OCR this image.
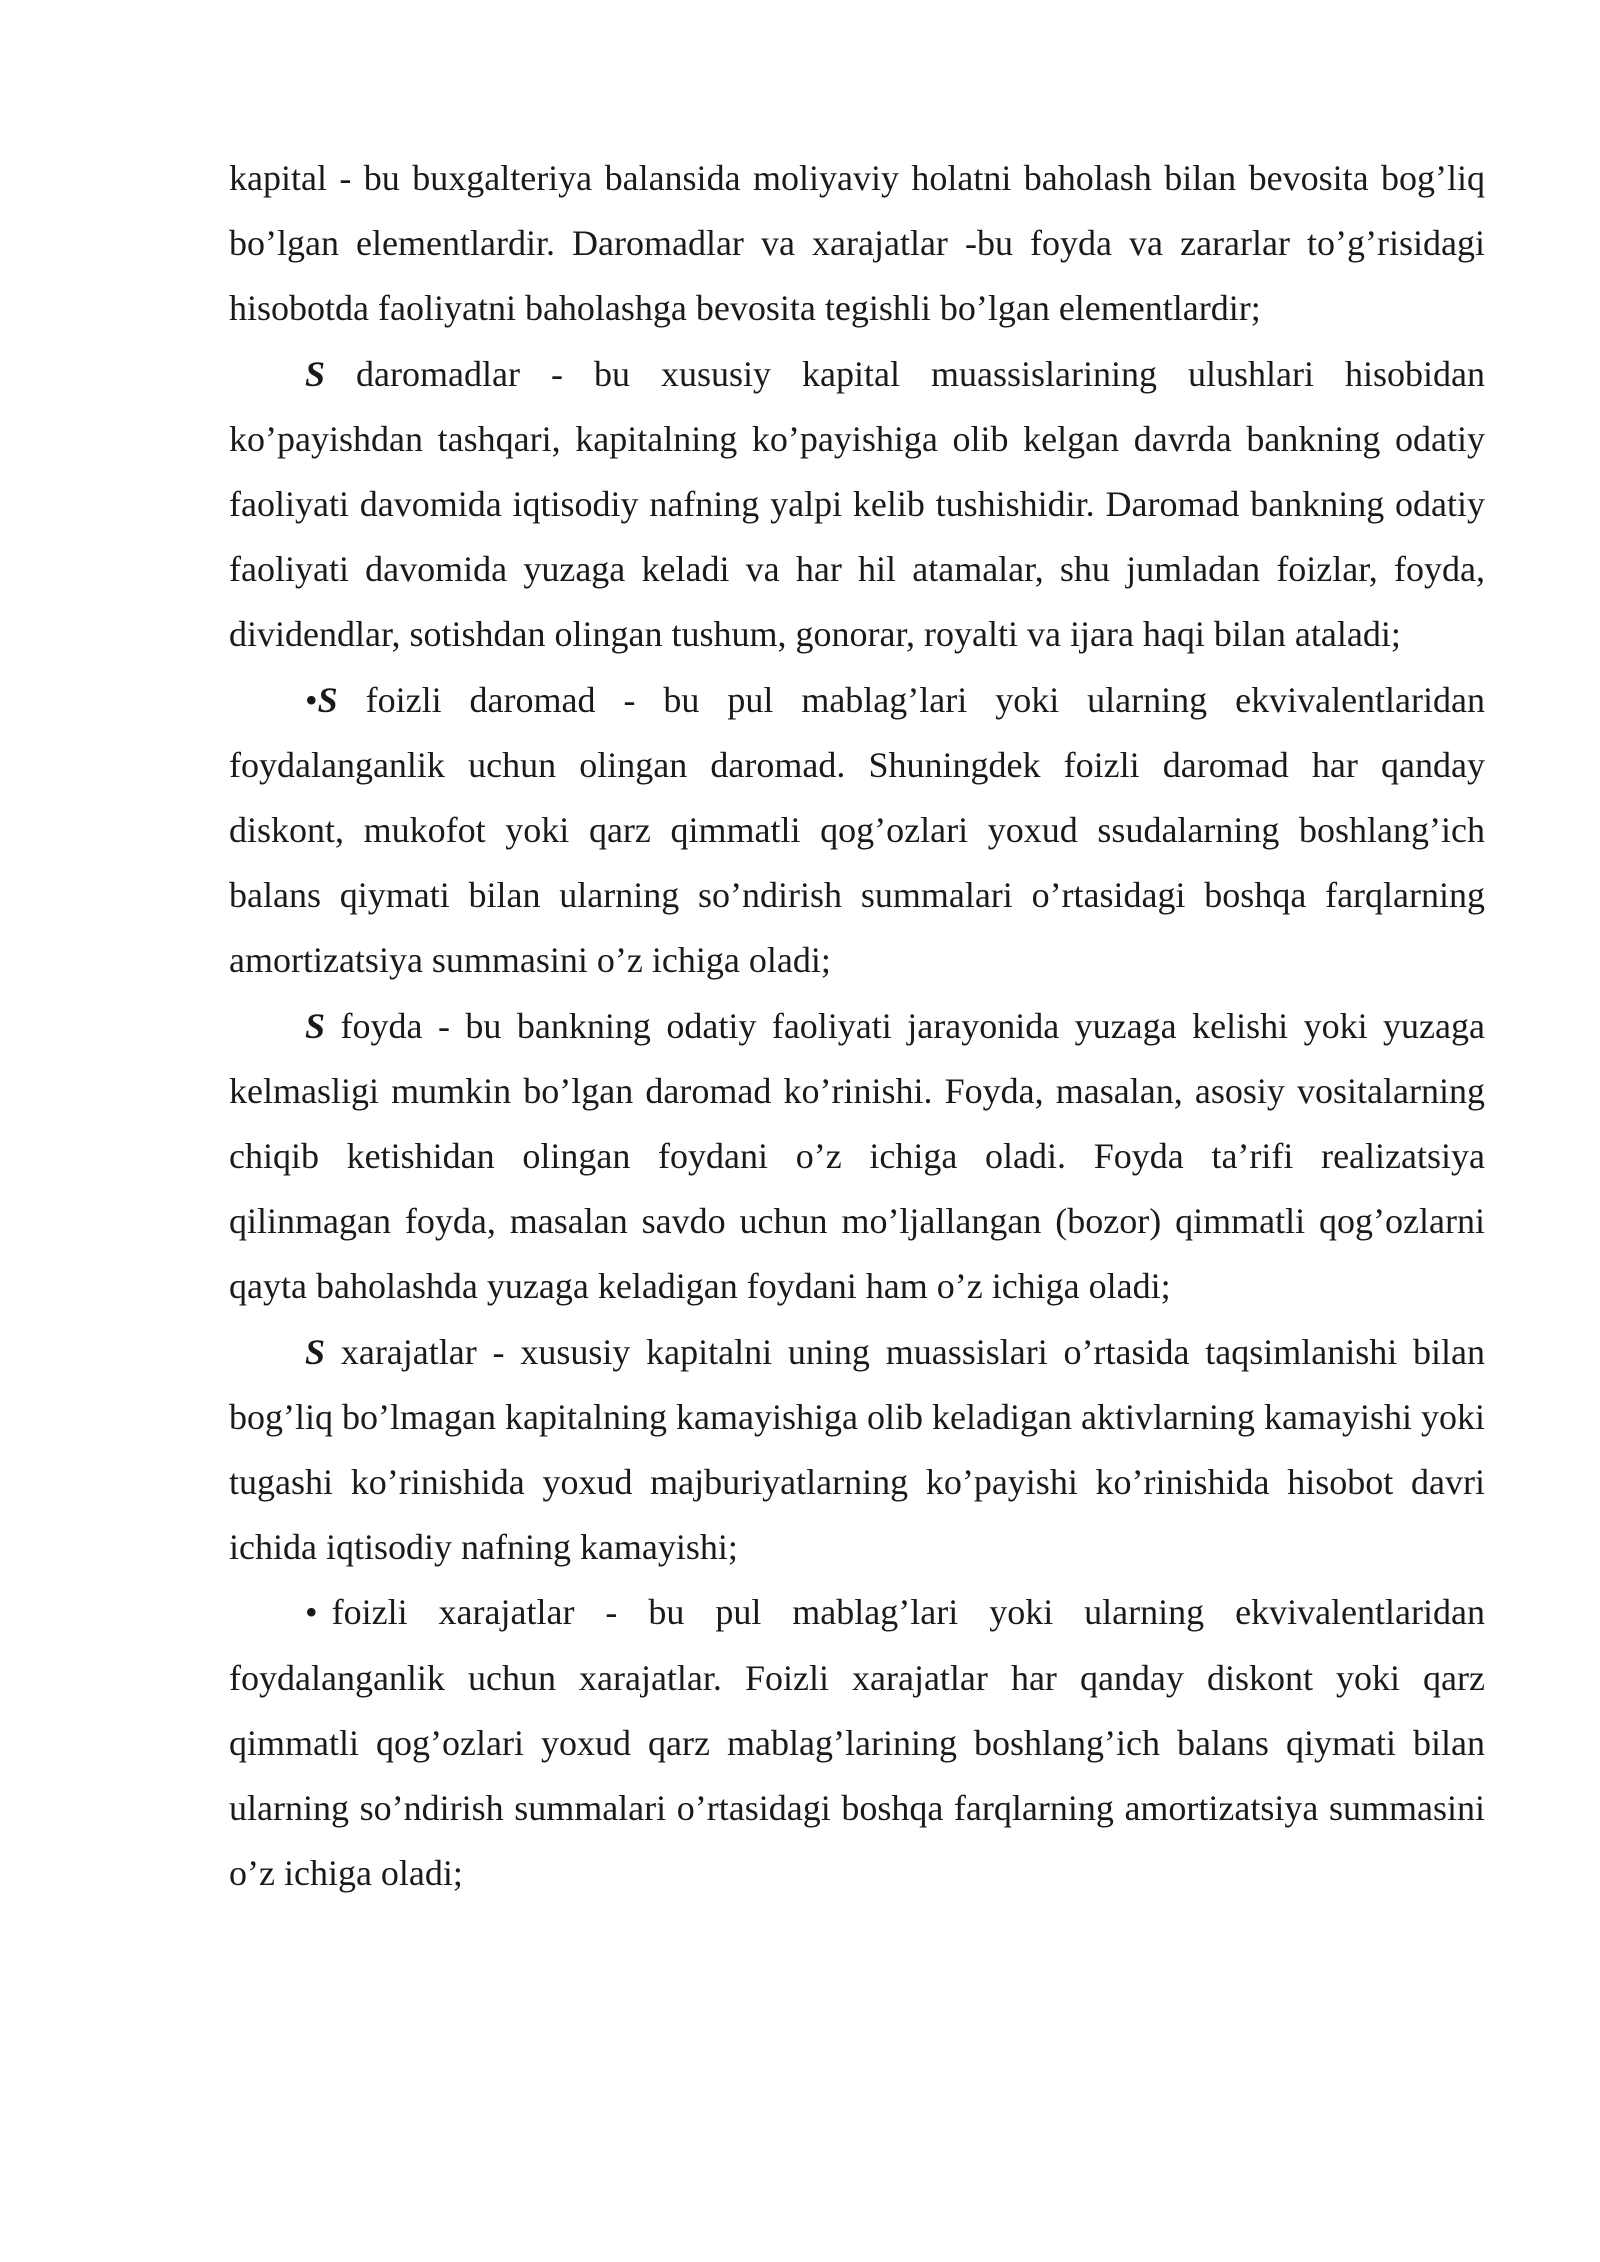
kapital - bu buxgalteriya balansida moliyaviy holatni baholash bilan bevosita bog’liq bo’lgan elementlardir. Daromadlar va xarajatlar -bu foyda va zararlar to’g’risidagi hisobotda faoliyatni baholashga bevosita tegishli bo’lgan elementlardir;

S daromadlar - bu xususiy kapital muassislarining ulushlari hisobidan ko’payishdan tashqari, kapitalning ko’payishiga olib kelgan davrda bankning odatiy faoliyati davomida iqtisodiy nafning yalpi kelib tushishidir. Daromad bankning odatiy faoliyati davomida yuzaga keladi va har hil atamalar, shu jumladan foizlar, foyda, dividendlar, sotishdan olingan tushum, gonorar, royalti va ijara haqi bilan ataladi;

•S foizli daromad - bu pul mablag’lari yoki ularning ekvivalentlaridan foydalanganlik uchun olingan daromad. Shuningdek foizli daromad har qanday diskont, mukofot yoki qarz qimmatli qog’ozlari yoxud ssudalarning boshlang’ich balans qiymati bilan ularning so’ndirish summalari o’rtasidagi boshqa farqlarning amortizatsiya summasini o’z ichiga oladi;

S foyda - bu bankning odatiy faoliyati jarayonida yuzaga kelishi yoki yuzaga kelmasligi mumkin bo’lgan daromad ko’rinishi. Foyda, masalan, asosiy vositalarning chiqib ketishidan olingan foydani o’z ichiga oladi. Foyda ta’rifi realizatsiya qilinmagan foyda, masalan savdo uchun mo’ljallangan (bozor) qimmatli qog’ozlarni qayta baholashda yuzaga keladigan foydani ham o’z ichiga oladi;

S xarajatlar - xususiy kapitalni uning muassislari o’rtasida taqsimlanishi bilan bog’liq bo’lmagan kapitalning kamayishiga olib keladigan aktivlarning kamayishi yoki tugashi ko’rinishida yoxud majburiyatlarning ko’payishi ko’rinishida hisobot davri ichida iqtisodiy nafning kamayishi;

• foizli xarajatlar - bu pul mablag’lari yoki ularning ekvivalentlaridan foydalanganlik uchun xarajatlar. Foizli xarajatlar har qanday diskont yoki qarz qimmatli qog’ozlari yoxud qarz mablag’larining boshlang’ich balans qiymati bilan ularning so’ndirish summalari o’rtasidagi boshqa farqlarning amortizatsiya summasini o’z ichiga oladi;
